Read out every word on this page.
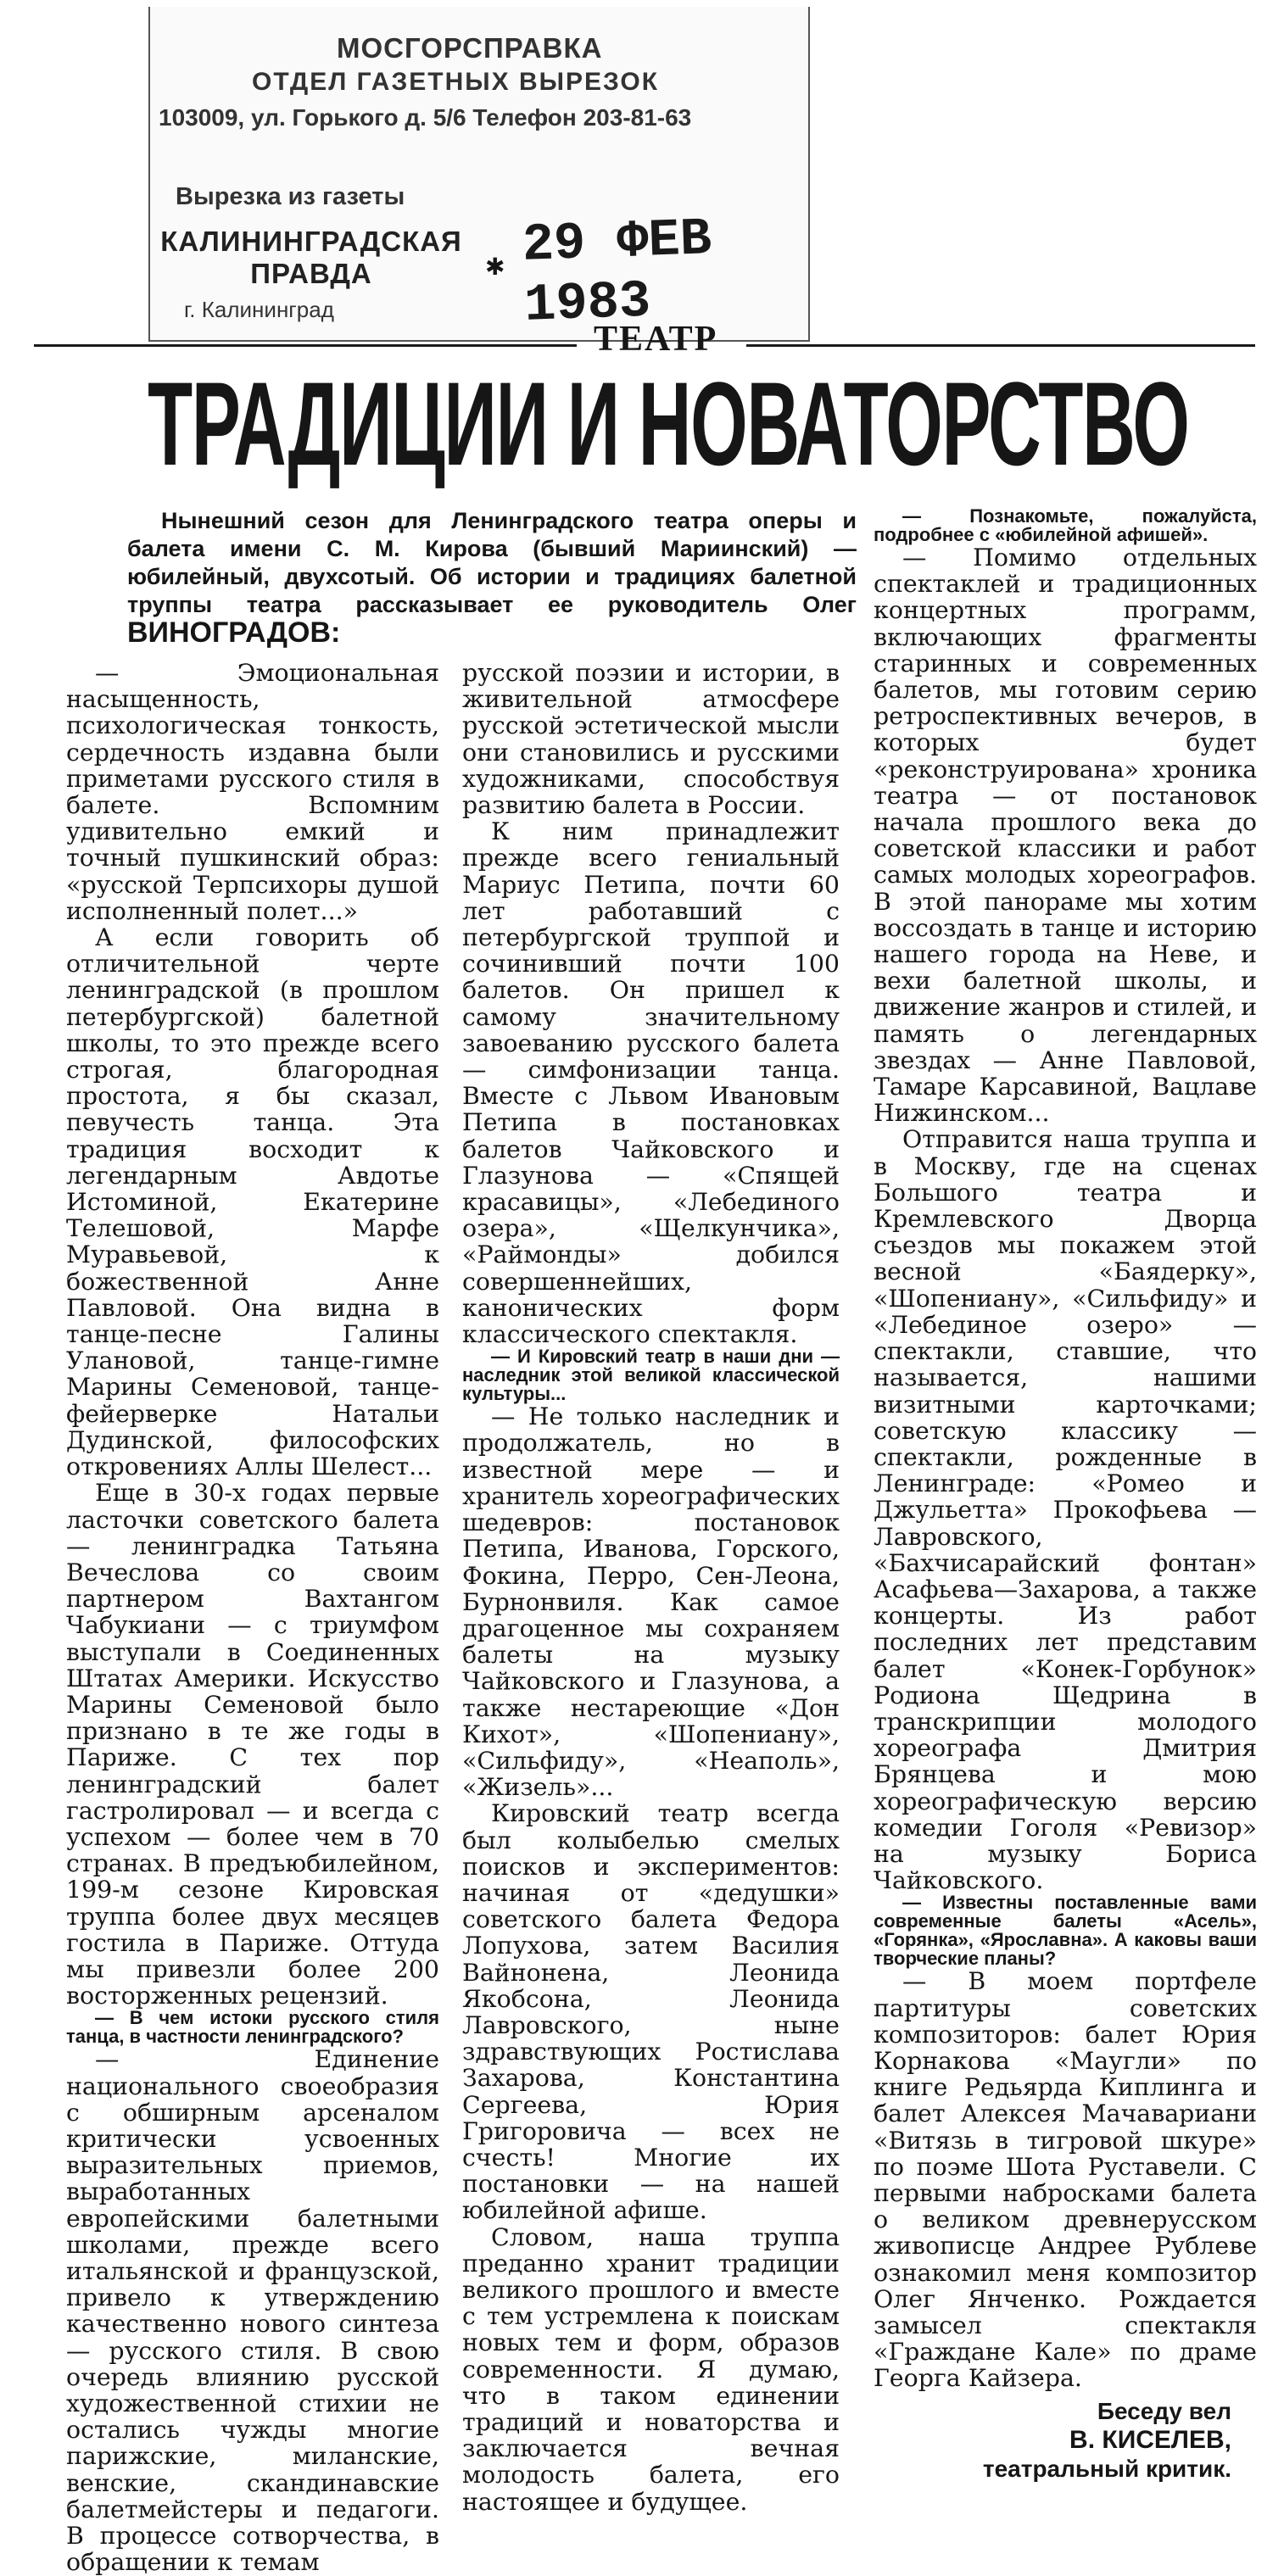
МОСГОРСПРАВКА
ОТДЕЛ ГАЗЕТНЫХ ВЫРЕЗОК
103009, ул. Горького д. 5/6 Телефон 203-81-63
Вырезка из газеты
КАЛИНИНГРАДСКАЯ ПРАВДА	✱ 29 ФЕВ 1983
г. Калининград
ТЕАТР
ТРАДИЦИИ И НОВАТОРСТВО
Нынешний сезон для Ленинградского театра оперы и балета имени С. М. Кирова (бывший Мариинский) — юбилейный, двухсотый. Об истории и традициях балетной труппы театра рассказывает ее руководитель Олег ВИНОГРАДОВ:

— Эмоциональная насыщенность, психологическая тонкость, сердечность издавна были приметами русского стиля в балете. Вспомним удивительно емкий и точный пушкинский образ: «русской Терпсихоры душой исполненный полет...»

А если говорить об отличительной черте ленинградской (в прошлом петербургской) балетной школы, то это прежде всего строгая, благородная простота, я бы сказал, певучесть танца. Эта традиция восходит к легендарным Авдотье Истоминой, Екатерине Телешовой, Марфе Муравьевой, к божественной Анне Павловой. Она видна в танце-песне Галины Улановой, танце-гимне Марины Семеновой, танце-фейерверке Натальи Дудинской, философских откровениях Аллы Шелест...

Еще в 30-х годах первые ласточки советского балета — ленинградка Татьяна Вечеслова со своим партнером Вахтангом Чабукиани — с триумфом выступали в Соединенных Штатах Америки. Искусство Марины Семеновой было признано в те же годы в Париже. С тех пор ленинградский балет гастролировал — и всегда с успехом — более чем в 70 странах. В предъюбилейном, 199-м сезоне Кировская труппа более двух месяцев гостила в Париже. Оттуда мы привезли более 200 восторженных рецензий.

— В чем истоки русского стиля танца, в частности ленинградского?

— Единение национального своеобразия с обширным арсеналом критически усвоенных выразительных приемов, выработанных европейскими балетными школами, прежде всего итальянской и французской, привело к утверждению качественно нового синтеза — русского стиля. В свою очередь влиянию русской художественной стихии не остались чужды многие парижские, миланские, венские, скандинавские балетмейстеры и педагоги. В процессе сотворчества, в обращении к темам

русской поэзии и истории, в живительной атмосфере русской эстетической мысли они становились и русскими художниками, способствуя развитию балета в России.

К ним принадлежит прежде всего гениальный Мариус Петипа, почти 60 лет работавший с петербургской труппой и сочинивший почти 100 балетов. Он пришел к самому значительному завоеванию русского балета — симфонизации танца. Вместе с Львом Ивановым Петипа в постановках балетов Чайковского и Глазунова — «Спящей красавицы», «Лебединого озера», «Щелкунчика», «Раймонды» добился совершеннейших, канонических форм классического спектакля.

— И Кировский театр в наши дни — наследник этой великой классической культуры...

— Не только наследник и продолжатель, но в известной мере — и хранитель хореографических шедевров: постановок Петипа, Иванова, Горского, Фокина, Перро, Сен-Леона, Бурнонвиля. Как самое драгоценное мы сохраняем балеты на музыку Чайковского и Глазунова, а также нестареющие «Дон Кихот», «Шопениану», «Сильфиду», «Неаполь», «Жизель»...

Кировский театр всегда был колыбелью смелых поисков и экспериментов: начиная от «дедушки» советского балета Федора Лопухова, затем Василия Вайнонена, Леонида Якобсона, Леонида Лавровского, ныне здравствующих Ростислава Захарова, Константина Сергеева, Юрия Григоровича — всех не счесть! Многие их постановки — на нашей юбилейной афише.

Словом, наша труппа преданно хранит традиции великого прошлого и вместе с тем устремлена к поискам новых тем и форм, образов современности. Я думаю, что в таком единении традиций и новаторства и заключается вечная молодость балета, его настоящее и будущее.

— Познакомьте, пожалуйста, подробнее с «юбилейной афишей».

— Помимо отдельных спектаклей и традиционных концертных программ, включающих фрагменты старинных и современных балетов, мы готовим серию ретроспективных вечеров, в которых будет «реконструирована» хроника театра — от постановок начала прошлого века до советской классики и работ самых молодых хореографов. В этой панораме мы хотим воссоздать в танце и историю нашего города на Неве, и вехи балетной школы, и движение жанров и стилей, и память о легендарных звездах — Анне Павловой, Тамаре Карсавиной, Вацлаве Нижинском...

Отправится наша труппа и в Москву, где на сценах Большого театра и Кремлевского Дворца съездов мы покажем этой весной «Баядерку», «Шопениану», «Сильфиду» и «Лебединое озеро» — спектакли, ставшие, что называется, нашими визитными карточками; советскую классику — спектакли, рожденные в Ленинграде: «Ромео и Джульетта» Прокофьева — Лавровского, «Бахчисарайский фонтан» Асафьева—Захарова, а также концерты. Из работ последних лет представим балет «Конек-Горбунок» Родиона Щедрина в транскрипции молодого хореографа Дмитрия Брянцева и мою хореографическую версию комедии Гоголя «Ревизор» на музыку Бориса Чайковского.

— Известны поставленные вами современные балеты «Асель», «Горянка», «Ярославна». А каковы ваши творческие планы?

— В моем портфеле партитуры советских композиторов: балет Юрия Корнакова «Маугли» по книге Редьярда Киплинга и балет Алексея Мачавариани «Витязь в тигровой шкуре» по поэме Шота Руставели. С первыми набросками балета о великом древнерусском живописце Андрее Рублеве ознакомил меня композитор Олег Янченко. Рождается замысел спектакля «Граждане Кале» по драме Георга Кайзера.

Беседу вел
В. КИСЕЛЕВ,
театральный критик.
